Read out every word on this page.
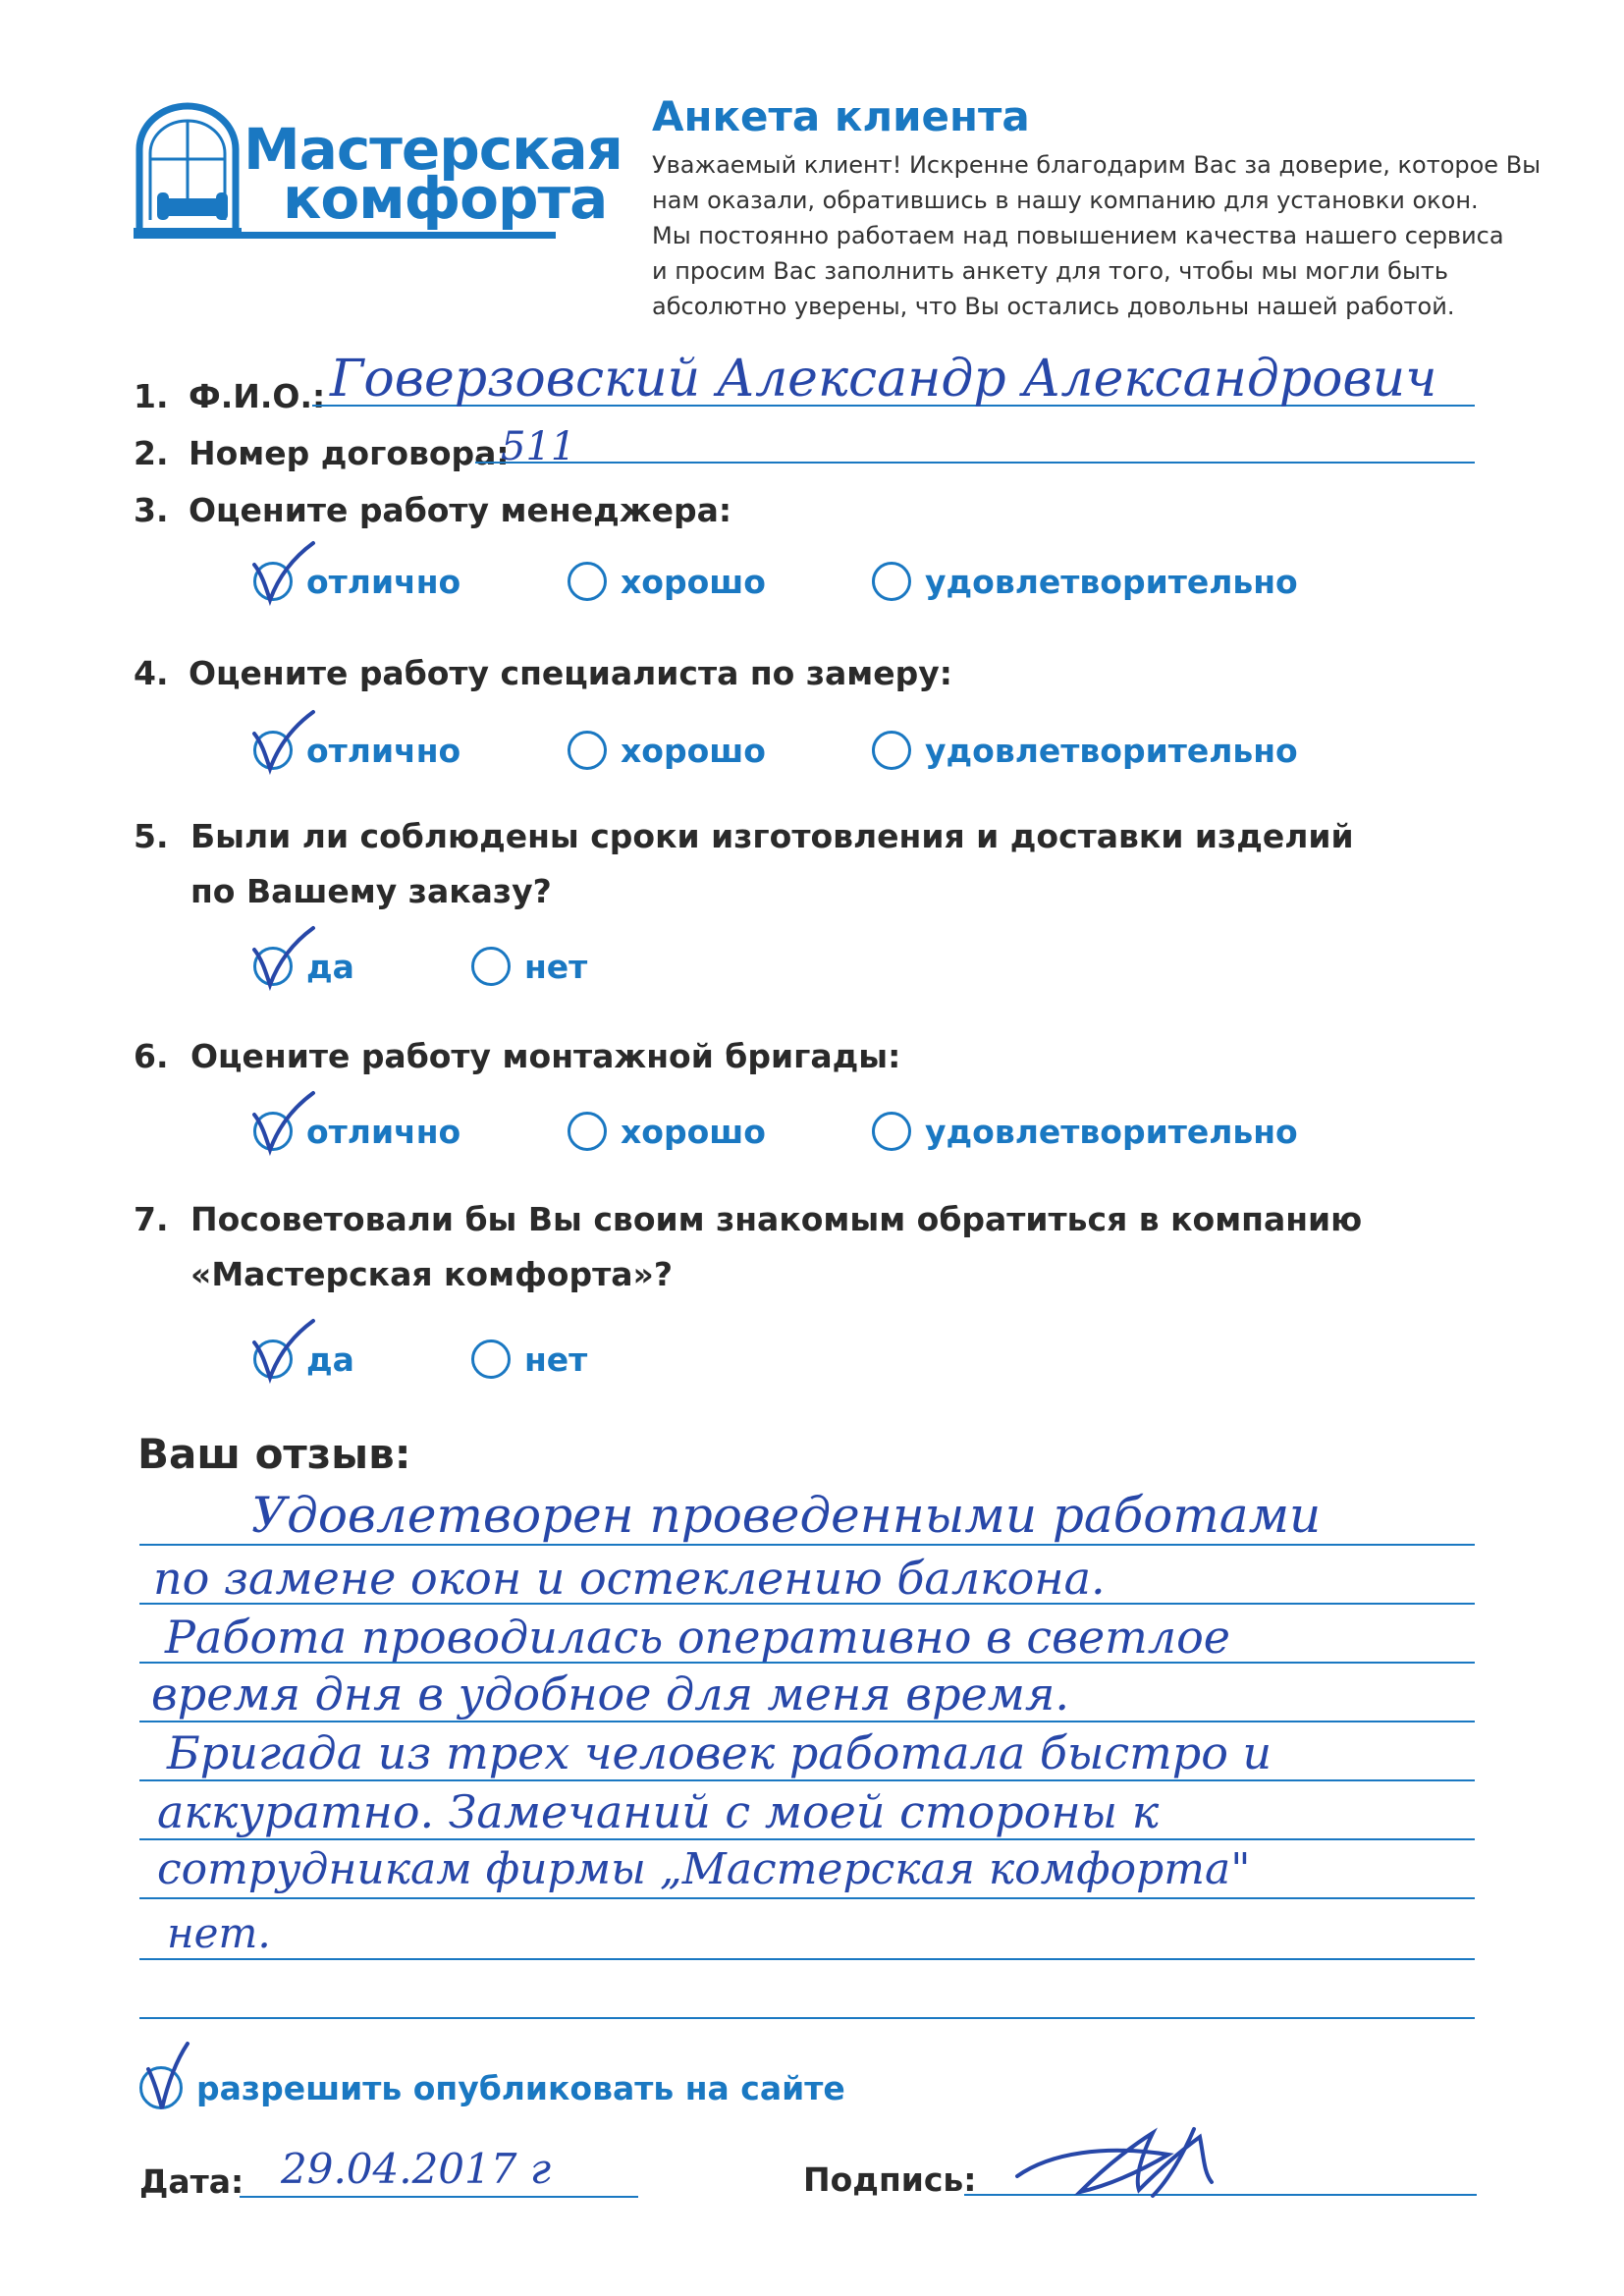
Мастерская
комфорта
Анкета клиента
Уважаемый клиент! Искренне благодарим Вас за доверие, которое Вы
нам оказали, обратившись в нашу компанию для установки окон.
Мы постоянно работаем над повышением качества нашего сервиса
и просим Вас заполнить анкету для того, чтобы мы могли быть
абсолютно уверены, что Вы остались довольны нашей работой.
1. Ф.И.О.: Говерзовский Александр Александрович
2. Номер договора:
511
3. Оцените работу менеджера:
отлично	хорошо	удовлетворительно
4. Оцените работу специалиста по замеру:
отлично	хорошо	удовлетворительно
5. Были ли соблюдены сроки изготовления и доставки изделий
по Вашему заказу?
да	нет
6. Оцените работу монтажной бригады:
отлично	хорошо	удовлетворительно
7. Посоветовали бы Вы своим знакомым обратиться в компанию
«Мастерская комфорта»?
да	нет
Ваш отзыв:
Удовлетворен проведенными работами
по замене окон и остеклению балкона.
Работа проводилась оперативно в светлое
время дня в удобное для меня время.
Бригада из трех человек работала быстро и
аккуратно. Замечаний с моей стороны к
сотрудникам фирмы „Мастерская комфорта"
нет.
разрешить опубликовать на сайте
Дата: 29.04.2017 г	Подпись:
